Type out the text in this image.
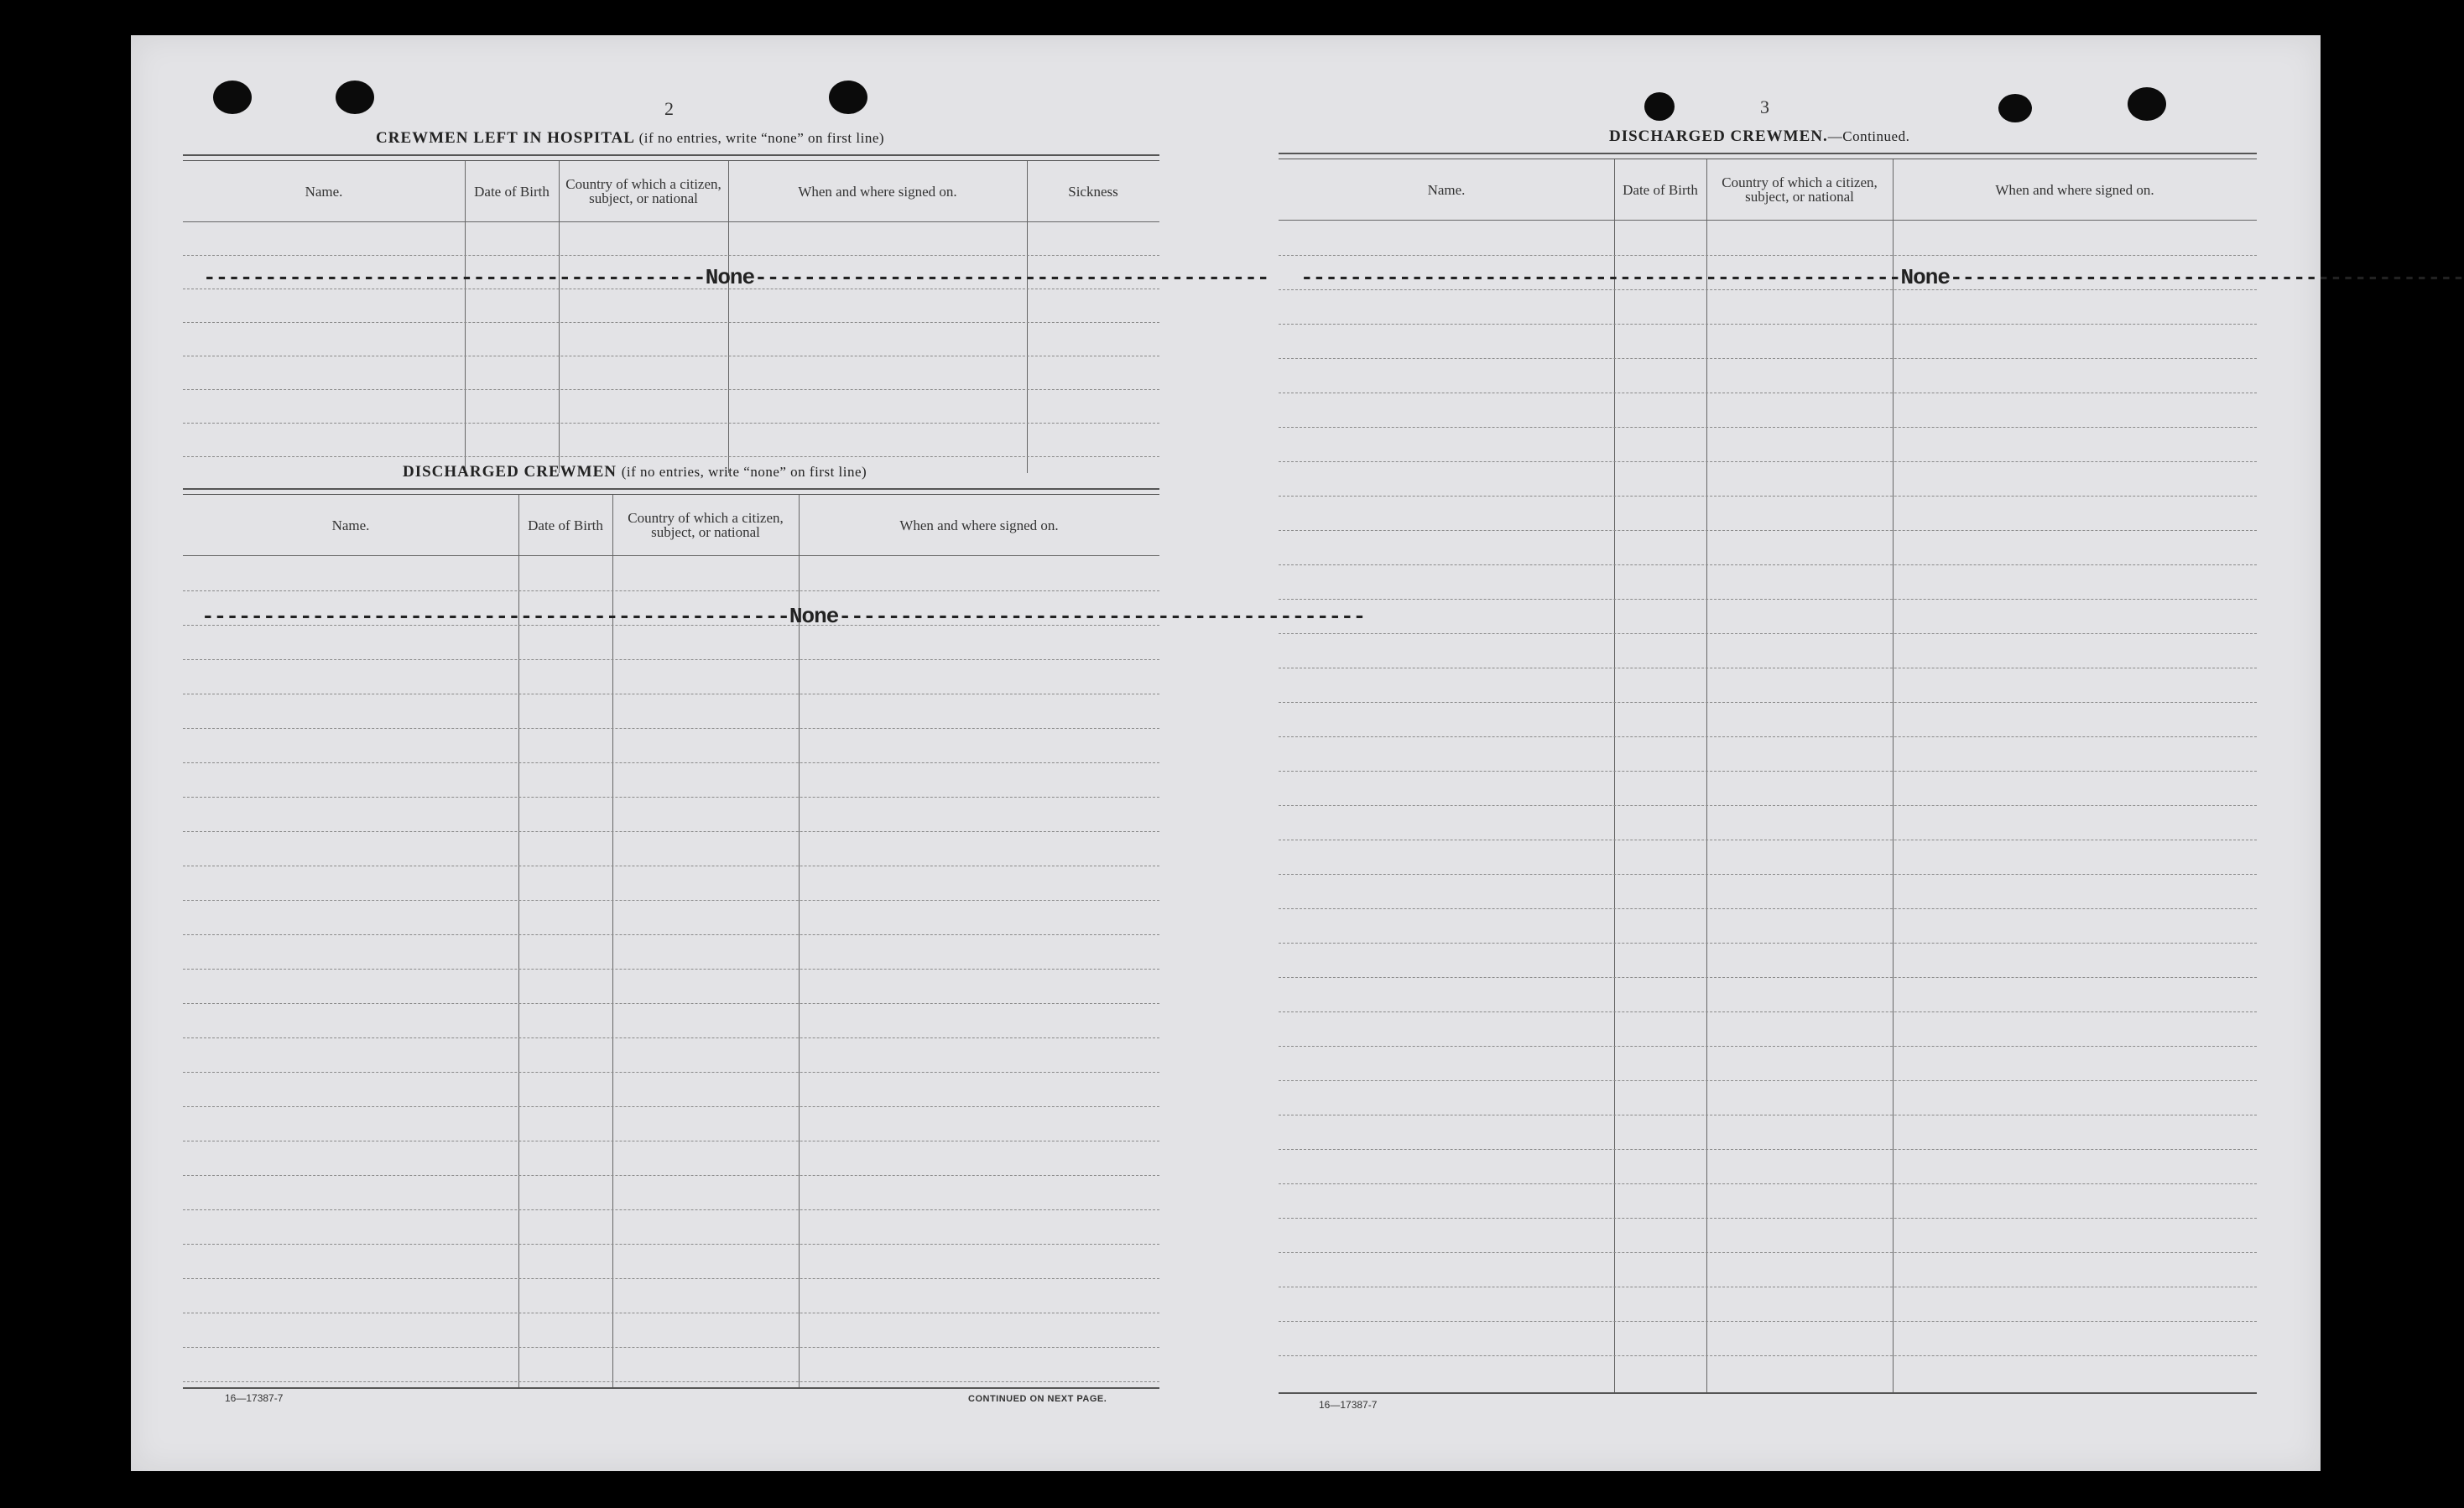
2
CREWMEN LEFT IN HOSPITAL (if no entries, write “none” on first line)
Name.	Date of Birth	Country of which a citizen, subject, or national	When and where signed on.	Sickness
-----------------------------------------None------------------------------------------
DISCHARGED CREWMEN (if no entries, write “none” on first line)
Name.	Date of Birth	Country of which a citizen, subject, or national	When and where signed on.
------------------------------------------------None-------------------------------------------
16—17387-7	CONTINUED ON NEXT PAGE.
3
DISCHARGED CREWMEN.—Continued.
Name.	Date of Birth	Country of which a citizen, subject, or national	When and where signed on.
-------------------------------------------------None------------------------------------------
16—17387-7
